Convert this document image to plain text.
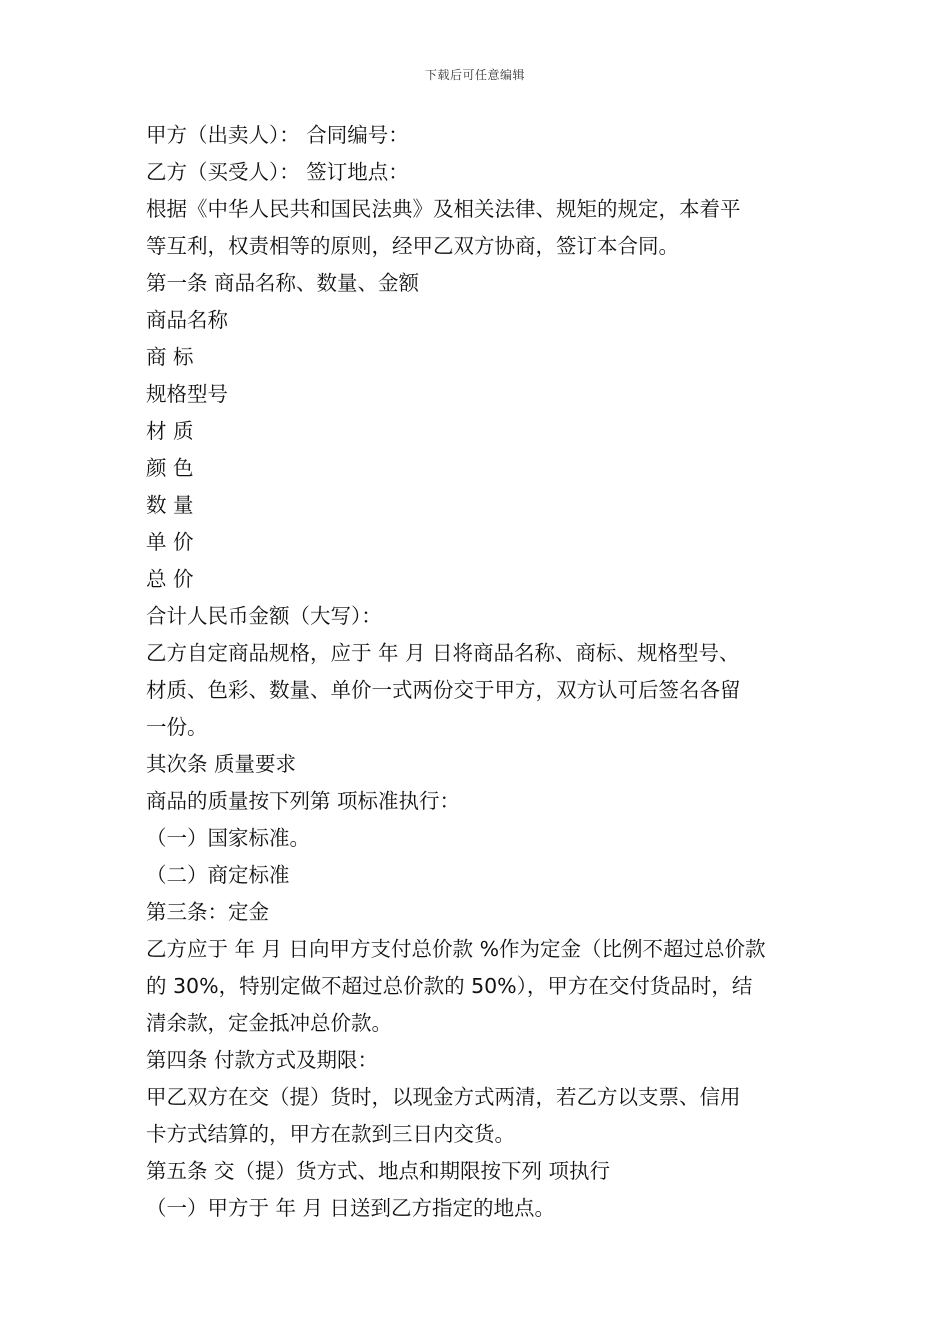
下载后可任意编辑
甲方（出卖人）： 合同编号：
乙方（买受人）： 签订地点：
根据《中华人民共和国民法典》及相关法律、规矩的规定，本着平
等互利，权责相等的原则，经甲乙双方协商，签订本合同。
第一条 商品名称、数量、金额
商品名称
商 标
规格型号
材 质
颜 色
数 量
单 价
总 价
合计人民币金额（大写）：
乙方自定商品规格，应于 年 月 日将商品名称、商标、规格型号、
材质、色彩、数量、单价一式两份交于甲方，双方认可后签名各留
一份。
其次条 质量要求
商品的质量按下列第 项标准执行：
（一）国家标准。
（二）商定标准
第三条：定金
乙方应于 年 月 日向甲方支付总价款 %作为定金（比例不超过总价款
的 30%，特别定做不超过总价款的 50%），甲方在交付货品时，结
清余款，定金抵冲总价款。
第四条 付款方式及期限：
甲乙双方在交（提）货时，以现金方式两清，若乙方以支票、信用
卡方式结算的，甲方在款到三日内交货。
第五条 交（提）货方式、地点和期限按下列 项执行
（一）甲方于 年 月 日送到乙方指定的地点。
